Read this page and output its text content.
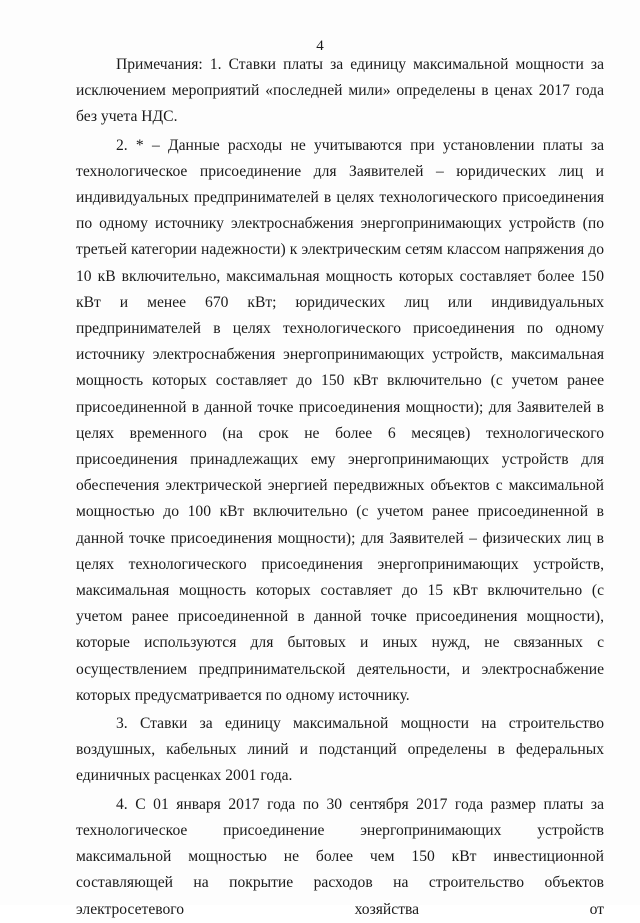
4

Примечания: 1. Ставки платы за единицу максимальной мощности за исключением мероприятий «последней мили» определены в ценах 2017 года без учета НДС.

2. * – Данные расходы не учитываются при установлении платы за технологическое присоединение для Заявителей – юридических лиц и индивидуальных предпринимателей в целях технологического присоединения по одному источнику электроснабжения энергопринимающих устройств (по третьей категории надежности) к электрическим сетям классом напряжения до 10 кВ включительно, максимальная мощность которых составляет более 150 кВт и менее 670 кВт; юридических лиц или индивидуальных предпринимателей в целях технологического присоединения по одному источнику электроснабжения энергопринимающих устройств, максимальная мощность которых составляет до 150 кВт включительно (с учетом ранее присоединенной в данной точке присоединения мощности); для Заявителей в целях временного (на срок не более 6 месяцев) технологического присоединения принадлежащих ему энергопринимающих устройств для обеспечения электрической энергией передвижных объектов с максимальной мощностью до 100 кВт включительно (с учетом ранее присоединенной в данной точке присоединения мощности); для Заявителей – физических лиц в целях технологического присоединения энергопринимающих устройств, максимальная мощность которых составляет до 15 кВт включительно (с учетом ранее присоединенной в данной точке присоединения мощности), которые используются для бытовых и иных нужд, не связанных с осуществлением предпринимательской деятельности, и электроснабжение которых предусматривается по одному источнику.

3. Ставки за единицу максимальной мощности на строительство воздушных, кабельных линий и подстанций определены в федеральных единичных расценках 2001 года.

4. С 01 января 2017 года по 30 сентября 2017 года размер платы за технологическое присоединение энергопринимающих устройств максимальной мощностью не более чем 150 кВт инвестиционной составляющей на покрытие расходов на строительство объектов электросетевого хозяйства от
